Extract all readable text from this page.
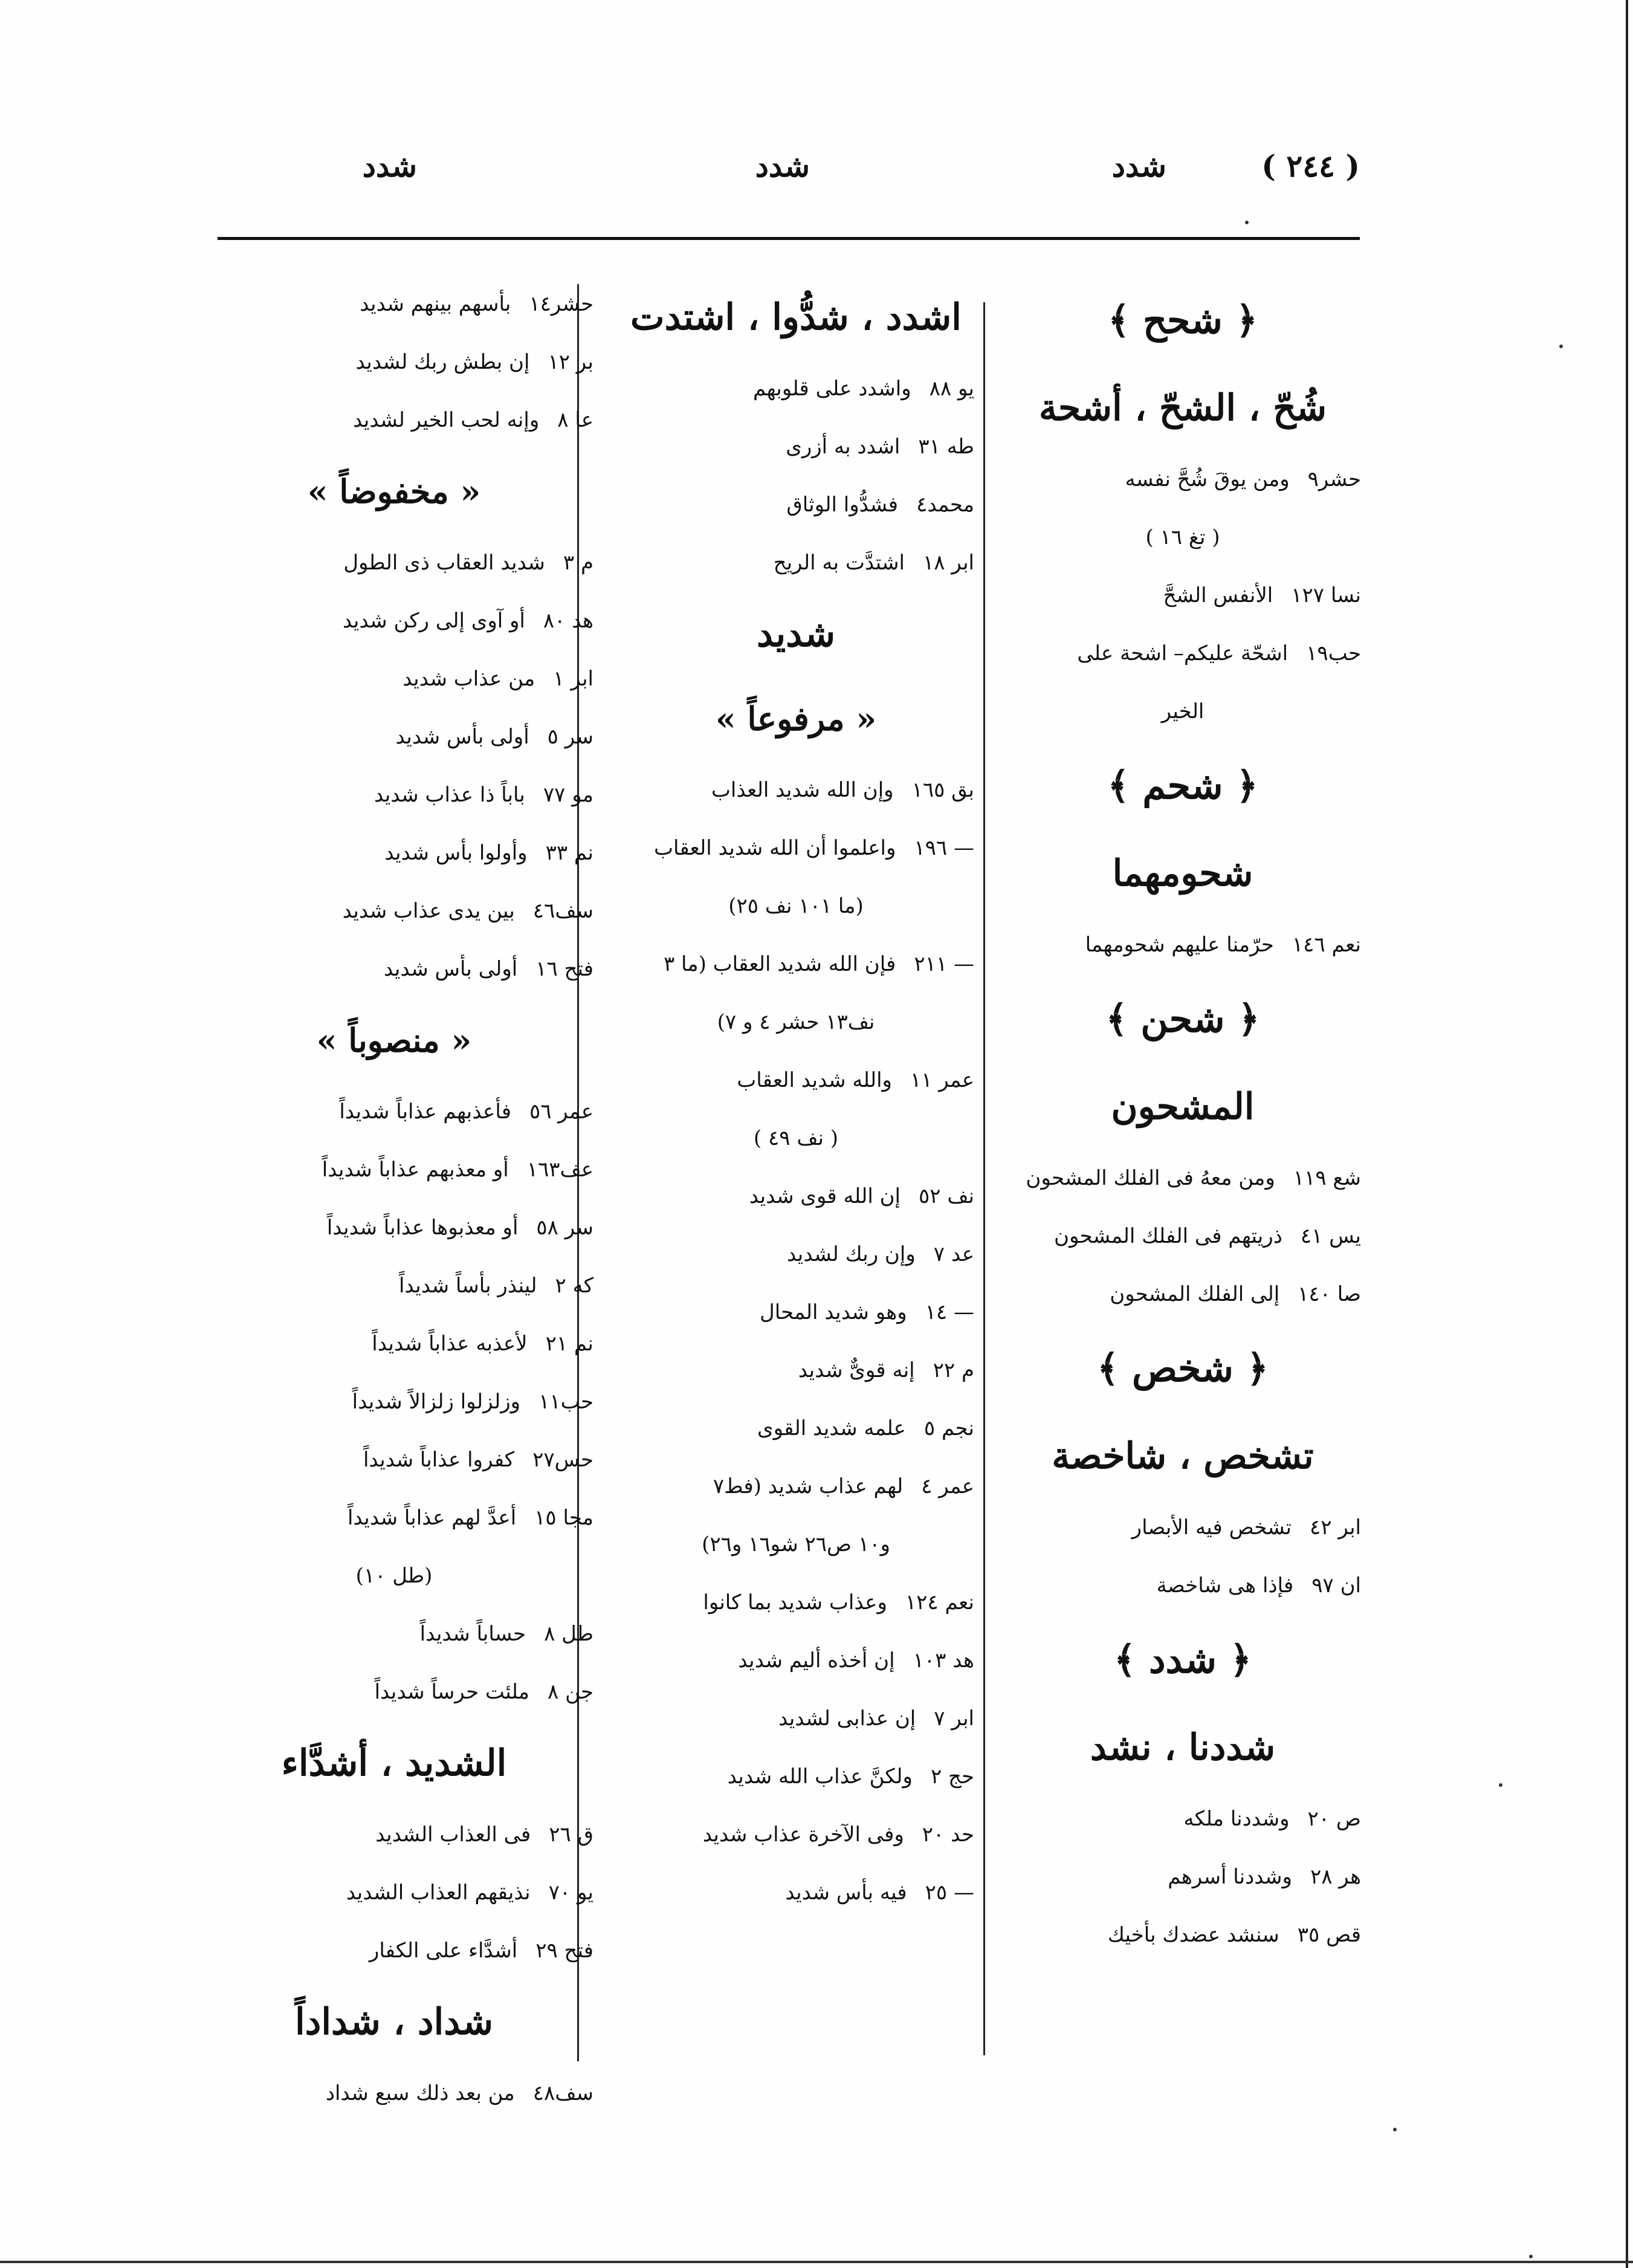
( ٢٤٤ )
شدد
شدد
شدد
﴿ شحح ﴾
شُحّ ، الشحّ ، أشحة
حشر٩ومن يوقَ شُحَّ نفسه
( تغ ١٦ )
نسا ١٢٧الأنفس الشحَّ
حب١٩اشحّة عليكم– اشحة على
الخير
﴿ شحم ﴾
شحومهما
نعم ١٤٦حرّمنا عليهم شحومهما
﴿ شحن ﴾
المشحون
شع ١١٩ومن معهُ فى الفلك المشحون
يس ٤١ذريتهم فى الفلك المشحون
صا ١٤٠إلى الفلك المشحون
﴿ شخص ﴾
تشخص ، شاخصة
ابر ٤٢تشخص فيه الأبصار
ان ٩٧فإذا هى شاخصة
﴿ شدد ﴾
شددنا ، نشد
ص ٢٠وشددنا ملكه
هر ٢٨وشددنا أسرهم
قص ٣٥سنشد عضدك بأخيك
اشدد ، شدُّوا ، اشتدت
يو ٨٨واشدد على قلوبهم
طه ٣١اشدد به أزرى
محمد٤فشدُّوا الوثاق
ابر ١٨اشتدَّت به الريح
شديد
« مرفوعاً »
بق ١٦٥وإن الله شديد العذاب
— ١٩٦واعلموا أن الله شديد العقاب
(ما ١٠١ نف ٢٥)
— ٢١١فإن الله شديد العقاب (ما ٣
نف١٣ حشر ٤ و ٧)
عمر ١١والله شديد العقاب
( نف ٤٩ )
نف ٥٢إن الله قوى شديد
عد ٧وإن ربك لشديد
— ١٤وهو شديد المحال
م ٢٢إنه قوىٌّ شديد
نجم ٥علمه شديد القوى
عمر ٤لهم عذاب شديد (فط٧
و١٠ ص٢٦ شو١٦ و٢٦)
نعم ١٢٤وعذاب شديد بما كانوا
هد ١٠٣إن أخذه أليم شديد
ابر ٧إن عذابى لشديد
حج ٢ولكنَّ عذاب الله شديد
حد ٢٠وفى الآخرة عذاب شديد
— ٢٥فيه بأس شديد
حشر١٤بأسهم بينهم شديد
بر ١٢إن بطش ربك لشديد
عا ٨وإنه لحب الخير لشديد
« مخفوضاً »
م ٣شديد العقاب ذى الطول
هد ٨٠أو آوى إلى ركن شديد
ابر ١من عذاب شديد
سر ٥أولى بأس شديد
مو ٧٧باباً ذا عذاب شديد
نم ٣٣وأولوا بأس شديد
سف٤٦بين يدى عذاب شديد
فتح ١٦أولى بأس شديد
« منصوباً »
عمر ٥٦فأعذبهم عذاباً شديداً
عف١٦٣أو معذبهم عذاباً شديداً
سر ٥٨أو معذبوها عذاباً شديداً
كه ٢لينذر بأساً شديداً
نم ٢١لأعذبه عذاباً شديداً
حب١١وزلزلوا زلزالاً شديداً
حس٢٧كفروا عذاباً شديداً
مجا ١٥أعدَّ لهم عذاباً شديداً
(طل ١٠)
طل ٨حساباً شديداً
جن ٨ملئت حرساً شديداً
الشديد ، أشدَّاء
ق ٢٦فى العذاب الشديد
يو ٧٠نذيقهم العذاب الشديد
فتح ٢٩أشدَّاء على الكفار
شداد ، شداداً
سف٤٨من بعد ذلك سبع شداد
